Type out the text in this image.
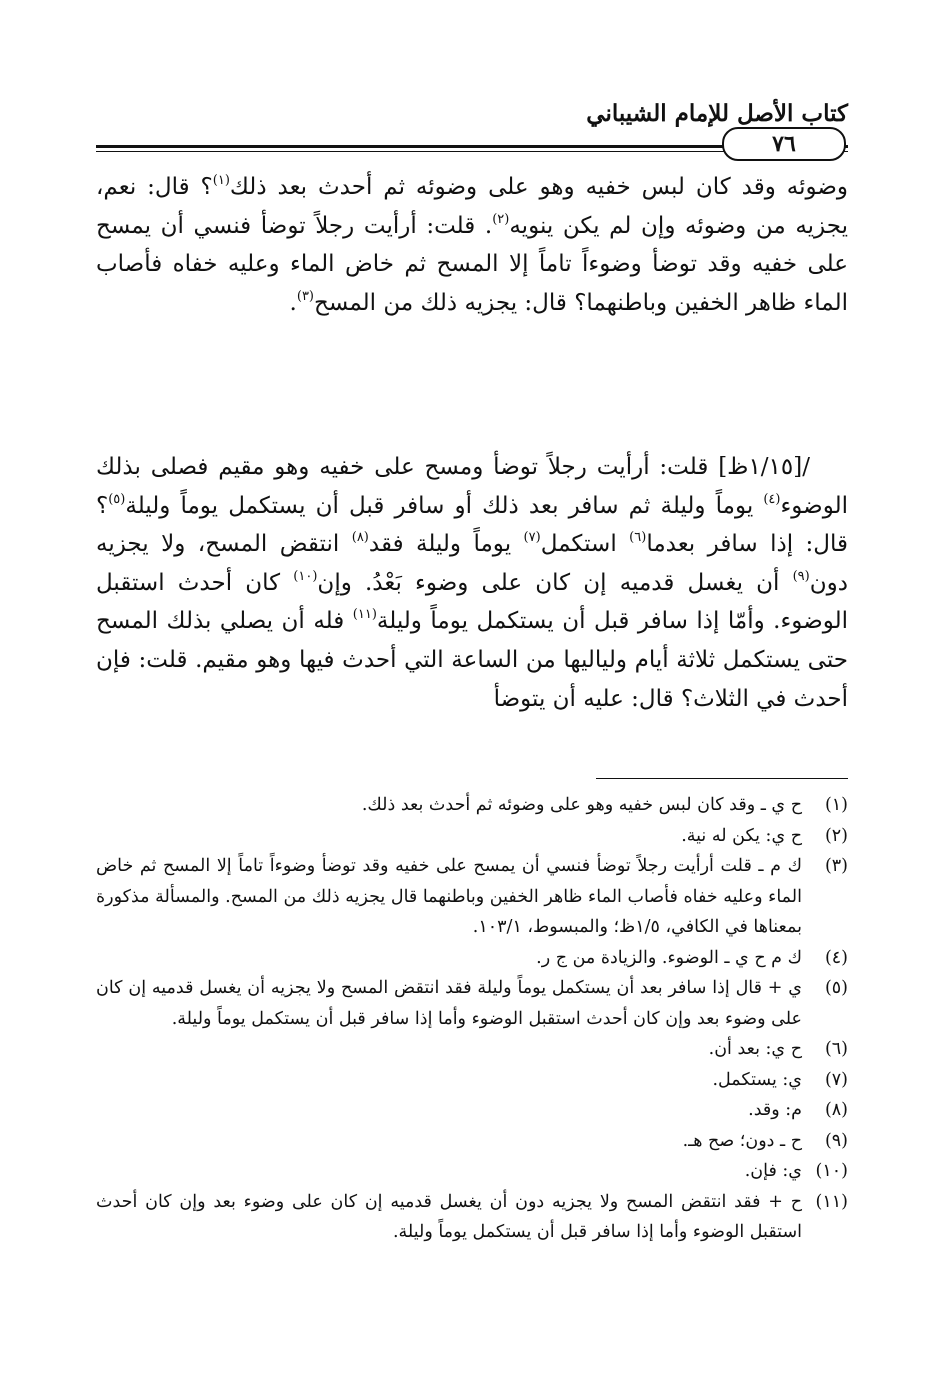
كتاب الأصل للإمام الشيباني
٧٦
وضوئه وقد كان لبس خفيه وهو على وضوئه ثم أحدث بعد ذلك$^{(١)}$؟ قال: نعم، يجزيه من وضوئه وإن لم يكن ينويه$^{(٢)}$. قلت: أرأيت رجلاً توضأ فنسي أن يمسح على خفيه وقد توضأ وضوءاً تاماً إلا المسح ثم خاض الماء وعليه خفاه فأصاب الماء ظاهر الخفين وباطنهما؟ قال: يجزيه ذلك من المسح$^{(٣)}$.
/[١/١٥ظ] قلت: أرأيت رجلاً توضأ ومسح على خفيه وهو مقيم فصلى بذلك الوضوء$^{(٤)}$ يوماً وليلة ثم سافر بعد ذلك أو سافر قبل أن يستكمل يوماً وليلة$^{(٥)}$؟ قال: إذا سافر بعدما$^{(٦)}$ استكمل$^{(٧)}$ يوماً وليلة فقد$^{(٨)}$ انتقض المسح، ولا يجزيه دون$^{(٩)}$ أن يغسل قدميه إن كان على وضوء بَعْدُ. وإن$^{(١٠)}$ كان أحدث استقبل الوضوء. وأمّا إذا سافر قبل أن يستكمل يوماً وليلة$^{(١١)}$ فله أن يصلي بذلك المسح حتى يستكمل ثلاثة أيام ولياليها من الساعة التي أحدث فيها وهو مقيم. قلت: فإن أحدث في الثلاث؟ قال: عليه أن يتوضأ
(١)
ح ي ـ وقد كان لبس خفيه وهو على وضوئه ثم أحدث بعد ذلك.
(٢)
ح ي: يكن له نية.
(٣)
ك م ـ قلت أرأيت رجلاً توضأ فنسي أن يمسح على خفيه وقد توضأ وضوءاً تاماً إلا المسح ثم خاض الماء وعليه خفاه فأصاب الماء ظاهر الخفين وباطنهما قال يجزيه ذلك من المسح. والمسألة مذكورة بمعناها في الكافي، ١/٥ظ؛ والمبسوط، ١٠٣/١.
(٤)
ك م ح ي ـ الوضوء. والزيادة من ج ر.
(٥)
ي + قال إذا سافر بعد أن يستكمل يوماً وليلة فقد انتقض المسح ولا يجزيه أن يغسل قدميه إن كان على وضوء بعد وإن كان أحدث استقبل الوضوء وأما إذا سافر قبل أن يستكمل يوماً وليلة.
(٦)
ح ي: بعد أن.
(٧)
ي: يستكمل.
(٨)
م: وقد.
(٩)
ح ـ دون؛ صح هـ.
(١٠)
ي: فإن.
(١١)
ح + فقد انتقض المسح ولا يجزيه دون أن يغسل قدميه إن كان على وضوء بعد وإن كان أحدث استقبل الوضوء وأما إذا سافر قبل أن يستكمل يوماً وليلة.
